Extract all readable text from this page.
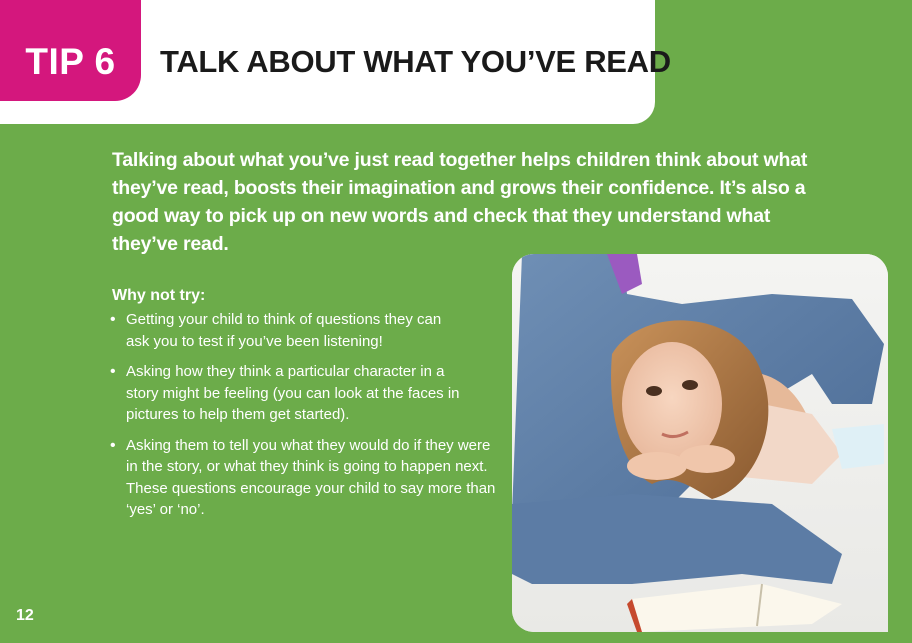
TALK ABOUT WHAT YOU’VE READ
TIP 6
Talking about what you’ve just read together helps children think about what they’ve read, boosts their imagination and grows their confidence. It’s also a good way to pick up on new words and check that they understand what they’ve read.
Why not try:
• Getting your child to think of questions they can ask you to test if you’ve been listening!
• Asking how they think a particular character in a story might be feeling (you can look at the faces in pictures to help them get started).
• Asking them to tell you what they would do if they were in the story, or what they think is going to happen next. These questions encourage your child to say more than ‘yes’ or ‘no’.
12
